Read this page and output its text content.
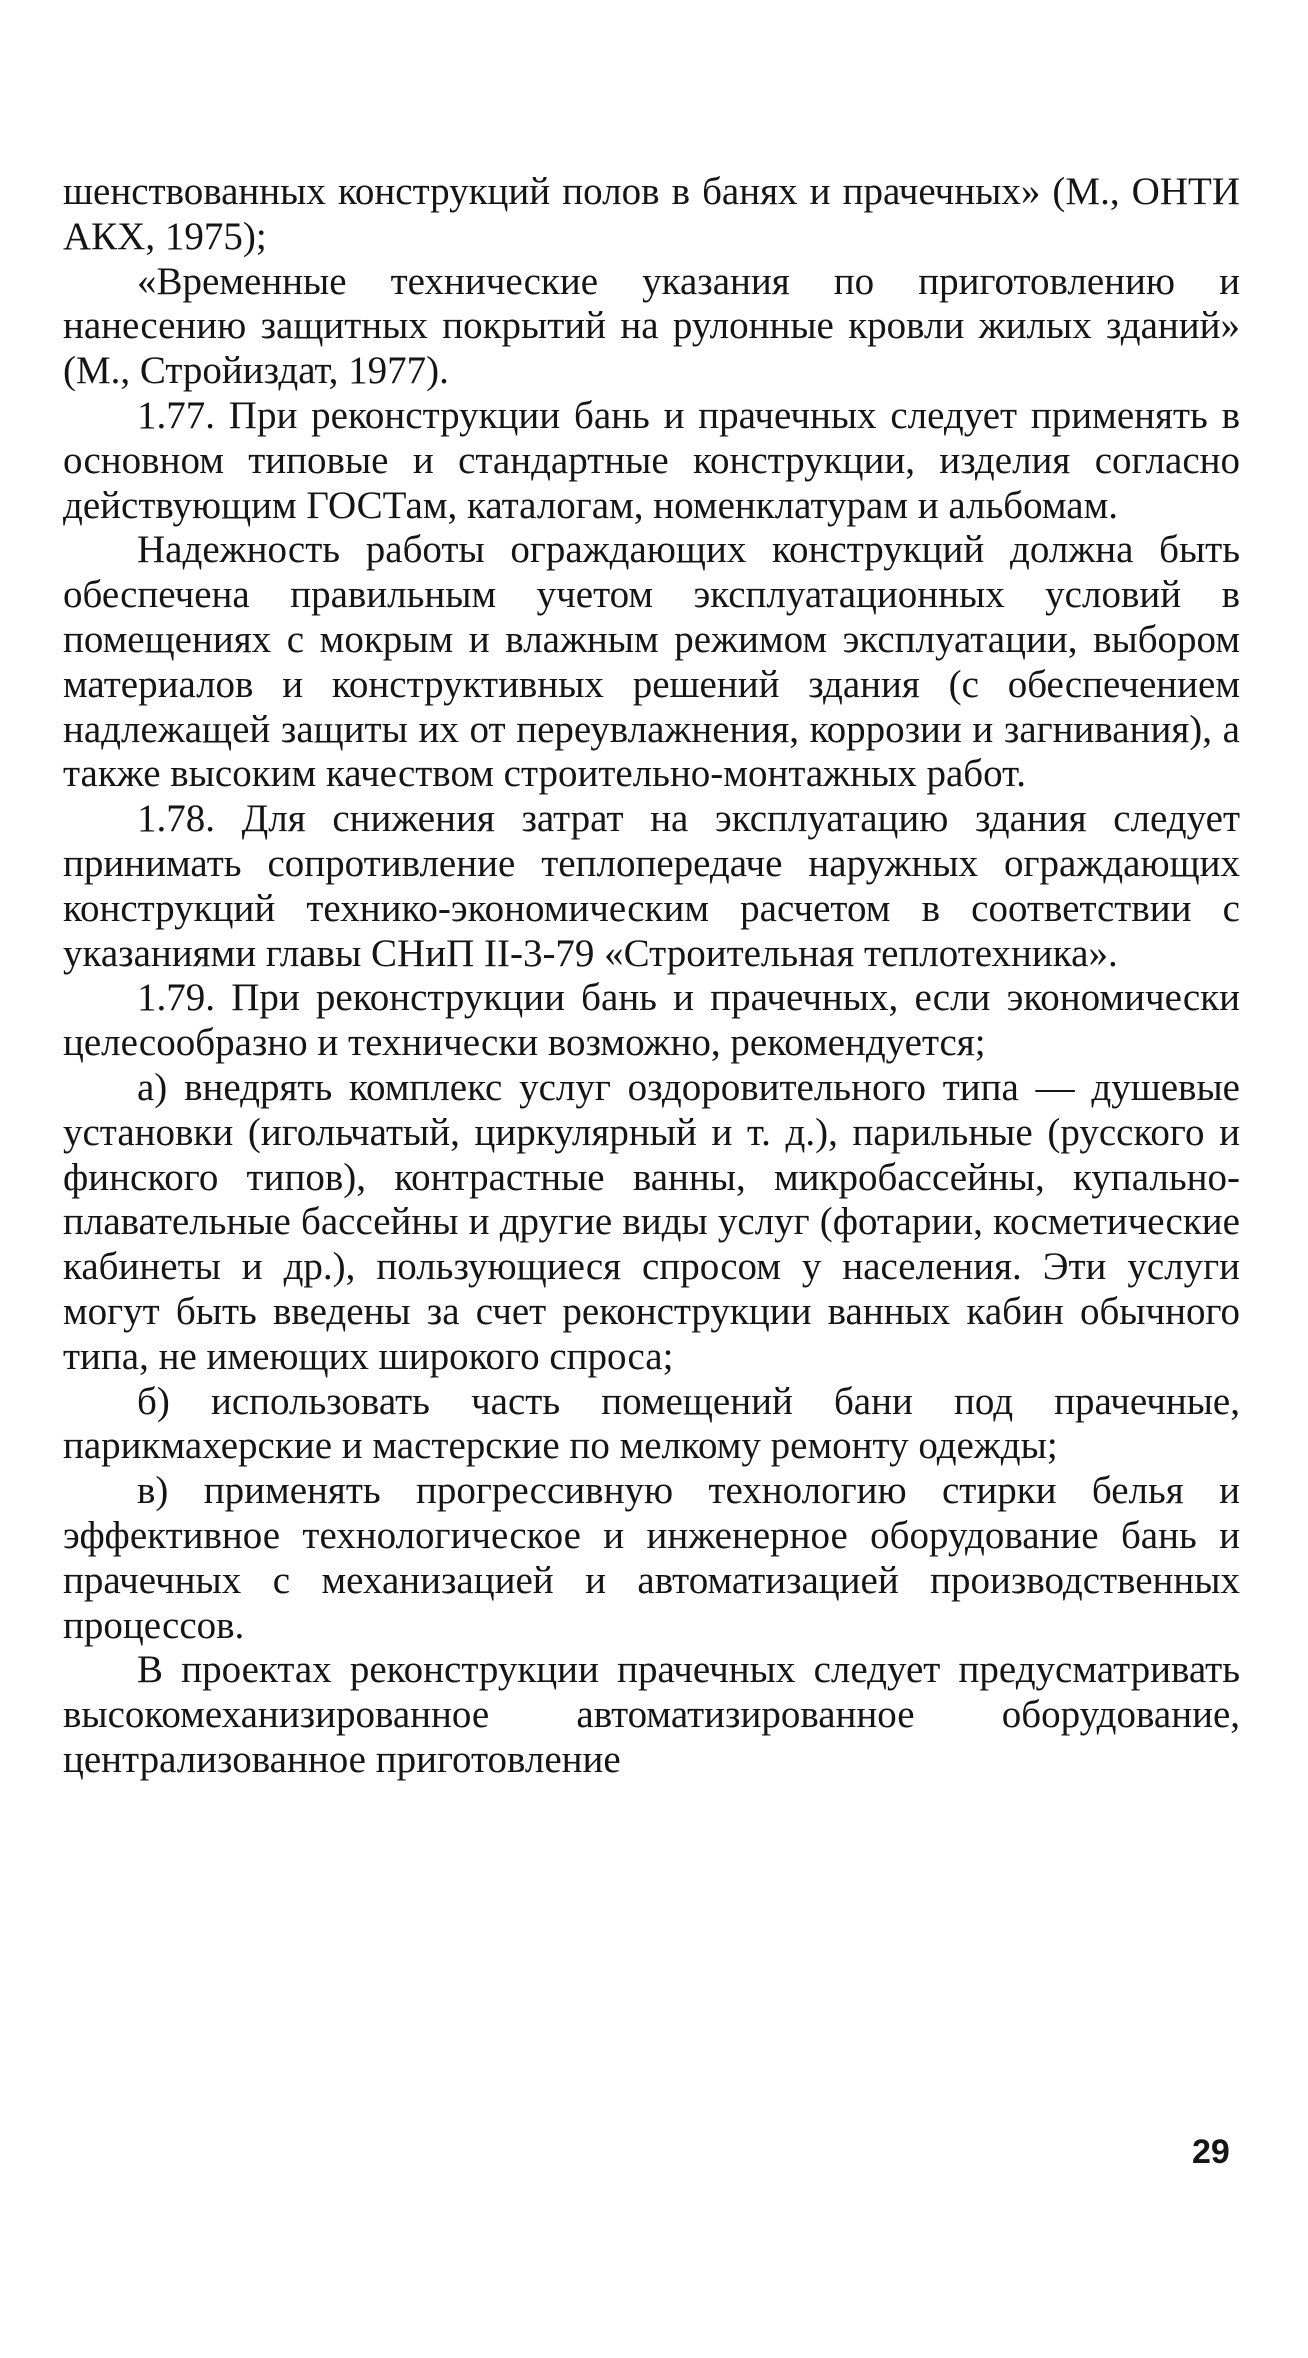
шенствованных конструкций полов в банях и прачечных» (М., ОНТИ АКХ, 1975);

«Временные технические указания по приготовлению и нанесению защитных покрытий на рулонные кровли жилых зданий» (М., Стройиздат, 1977).

1.77. При реконструкции бань и прачечных следует применять в основном типовые и стандартные конструкции, изделия согласно действующим ГОСТам, каталогам, номенклатурам и альбомам.

Надежность работы ограждающих конструкций должна быть обеспечена правильным учетом эксплуатационных условий в помещениях с мокрым и влажным режимом эксплуатации, выбором материалов и конструктивных решений здания (с обеспечением надлежащей защиты их от переувлажнения, коррозии и загнивания), а также высоким качеством строительно-монтажных работ.

1.78. Для снижения затрат на эксплуатацию здания следует принимать сопротивление теплопередаче наружных ограждающих конструкций технико-экономическим расчетом в соответствии с указаниями главы СНиП II-3-79 «Строительная теплотехника».

1.79. При реконструкции бань и прачечных, если экономически целесообразно и технически возможно, рекомендуется;

а) внедрять комплекс услуг оздоровительного типа — душевые установки (игольчатый, циркулярный и т. д.), парильные (русского и финского типов), контрастные ванны, микробассейны, купально-плавательные бассейны и другие виды услуг (фотарии, косметические кабинеты и др.), пользующиеся спросом у населения. Эти услуги могут быть введены за счет реконструкции ванных кабин обычного типа, не имеющих широкого спроса;

б) использовать часть помещений бани под прачечные, парикмахерские и мастерские по мелкому ремонту одежды;

в) применять прогрессивную технологию стирки белья и эффективное технологическое и инженерное оборудование бань и прачечных с механизацией и автоматизацией производственных процессов.

В проектах реконструкции прачечных следует предусматривать высокомеханизированное автоматизированное оборудование, централизованное приготовление

29
